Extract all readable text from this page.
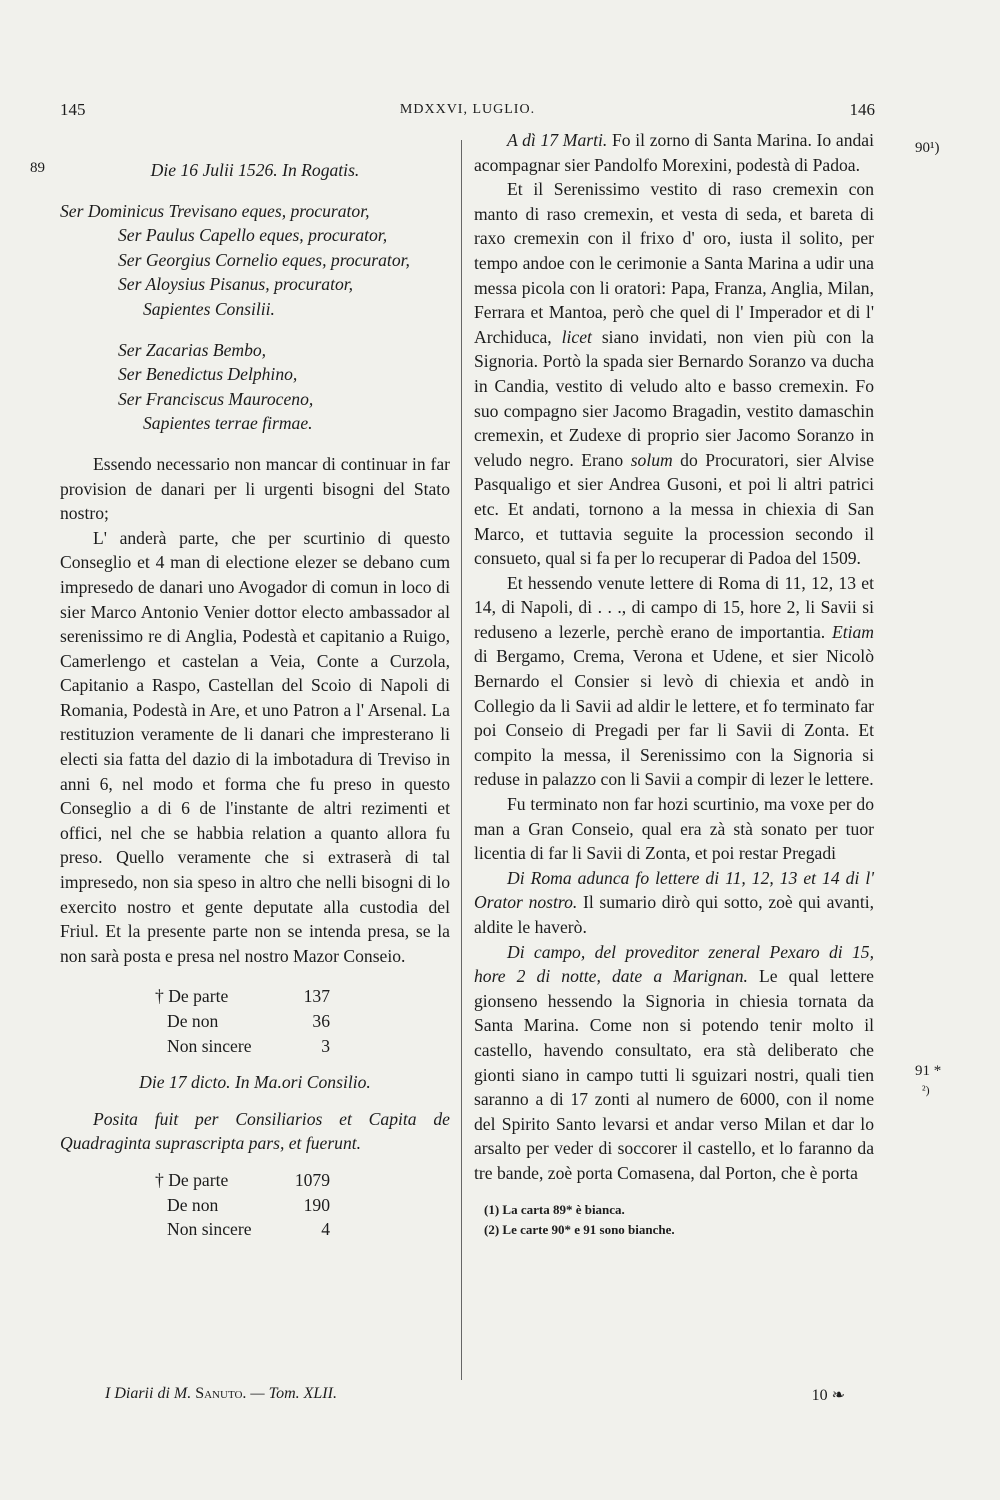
145	MDXXVI, LUGLIO.	146
89
90¹)
91 *
²)

Die 16 Julii 1526. In Rogatis.

Ser Dominicus Trevisano eques, procurator,

Ser Paulus Capello eques, procurator,

Ser Georgius Cornelio eques, procurator,

Ser Aloysius Pisanus, procurator,

Sapientes Consilii.

Ser Zacarias Bembo,

Ser Benedictus Delphino,

Ser Franciscus Mauroceno,

Sapientes terrae firmae.

Essendo necessario non mancar di continuar in far provision de danari per li urgenti bisogni del Stato nostro;

L' anderà parte, che per scurtinio di questo Conseglio et 4 man di electione elezer se debano cum impresedo de danari uno Avogador di comun in loco di sier Marco Antonio Venier dottor electo ambassador al serenissimo re di Anglia, Podestà et capitanio a Ruigo, Camerlengo et castelan a Veia, Conte a Curzola, Capitanio a Raspo, Castellan del Scoio di Napoli di Romania, Podestà in Are, et uno Patron a l' Arsenal. La restituzion veramente de li danari che impresterano li electi sia fatta del dazio di la imbotadura di Treviso in anni 6, nel modo et forma che fu preso in questo Conseglio a di 6 de l'instante de altri rezimenti et offici, nel che se habbia relation a quanto allora fu preso. Quello veramente che si extraserà di tal impresedo, non sia speso in altro che nelli bisogni di lo exercito nostro et gente deputate alla custodia del Friul. Et la presente parte non se intenda presa, se la non sarà posta e presa nel nostro Mazor Conseio.

† De parte	137
De non	36
Non sincere	3

Die 17 dicto. In Ma.ori Consilio.

Posita fuit per Consiliarios et Capita de Quadraginta suprascripta pars, et fuerunt.

† De parte	1079
De non	190
Non sincere	4

A dì 17 Marti. Fo il zorno di Santa Marina. Io andai acompagnar sier Pandolfo Morexini, podestà di Padoa.

Et il Serenissimo vestito di raso cremexin con manto di raso cremexin, et vesta di seda, et bareta di raxo cremexin con il frixo d' oro, iusta il solito, per tempo andoe con le cerimonie a Santa Marina a udir una messa picola con li oratori: Papa, Franza, Anglia, Milan, Ferrara et Mantoa, però che quel di l' Imperador et di l' Archiduca, licet siano invidati, non vien più con la Signoria. Portò la spada sier Bernardo Soranzo va ducha in Candia, vestito di veludo alto e basso cremexin. Fo suo compagno sier Jacomo Bragadin, vestito damaschin cremexin, et Zudexe di proprio sier Jacomo Soranzo in veludo negro. Erano solum do Procuratori, sier Alvise Pasqualigo et sier Andrea Gusoni, et poi li altri patrici etc. Et andati, tornono a la messa in chiexia di San Marco, et tuttavia seguite la processiоn secondo il consueto, qual si fa per lo recuperar di Padoa del 1509.

Et hessendo venute lettere di Roma di 11, 12, 13 et 14, di Napoli, di . . ., di campo di 15, hore 2, li Savii si reduseno a lezerle, perchè erano de importantia. Etiam di Bergamo, Crema, Verona et Udene, et sier Nicolò Bernardo el Consier si levò di chiexia et andò in Collegio da li Savii ad aldir le lettere, et fo terminato far poi Conseio di Pregadi per far li Savii di Zonta. Et compito la messa, il Serenissimo con la Signoria si reduse in palazzo con li Savii a compir di lezer le lettere.

Fu terminato non far hozi scurtinio, ma voxe per do man a Gran Conseio, qual era zà stà sonato per tuor licentia di far li Savii di Zonta, et poi restar Pregadi

Di Roma adunca fo lettere di 11, 12, 13 et 14 di l' Orator nostro. Il sumario dirò qui sotto, zoè qui avanti, aldite le haverò.

Di campo, del proveditor zeneral Pexaro di 15, hore 2 di notte, date a Marignan. Le qual lettere gionseno hessendo la Signoria in chiesia tornata da Santa Marina. Come non si potendo tenir molto il castello, havendo consultato, era stà deliberato che gionti siano in campo tutti li sguizari nostri, quali tien saranno a di 17 zonti al numero de 6000, con il nome del Spirito Santo levarsi et andar verso Milan et dar lo arsalto per veder di soccorer il castello, et lo faranno da tre bande, zoè porta Comasena, dal Porton, che è porta

(1) La carta 89* è bianca.

(2) Le carte 90* e 91 sono bianche.

I Diarii di M. Sanuto. — Tom. XLII.	10 ❧
